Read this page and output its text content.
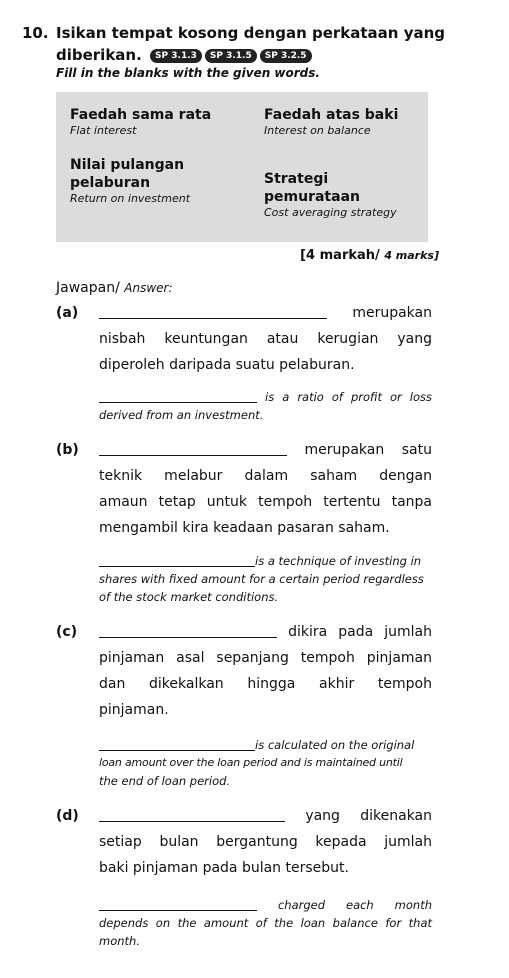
10. Isikan tempat kosong dengan perkataan yang
diberikan. SP 3.1.3 SP 3.1.5 SP 3.2.5
Fill in the blanks with the given words.
Faedah sama rata
Flat interest
Faedah atas baki
Interest on balance
Nilai pulangan
pelaburan
Return on investment
Strategi pemurataan
Cost averaging strategy
[4 markah/ 4 marks]
Jawapan/ Answer:
(a)	merupakan
nisbah keuntungan atau kerugian yang
diperoleh daripada suatu pelaburan.
is a ratio of profit or loss
derived from an investment.
(b)	merupakan satu
teknik melabur dalam saham dengan
amaun tetap untuk tempoh tertentu tanpa
mengambil kira keadaan pasaran saham.
is a technique of investing in
shares with fixed amount for a certain period regardless
of the stock market conditions.
(c)	dikira pada jumlah
pinjaman asal sepanjang tempoh pinjaman
dan dikekalkan hingga akhir tempoh
pinjaman.
is calculated on the original
loan amount over the loan period and is maintained until
the end of loan period.
(d)	yang dikenakan
setiap bulan bergantung kepada jumlah
baki pinjaman pada bulan tersebut.
charged each month
depends on the amount of the loan balance for that
month.
